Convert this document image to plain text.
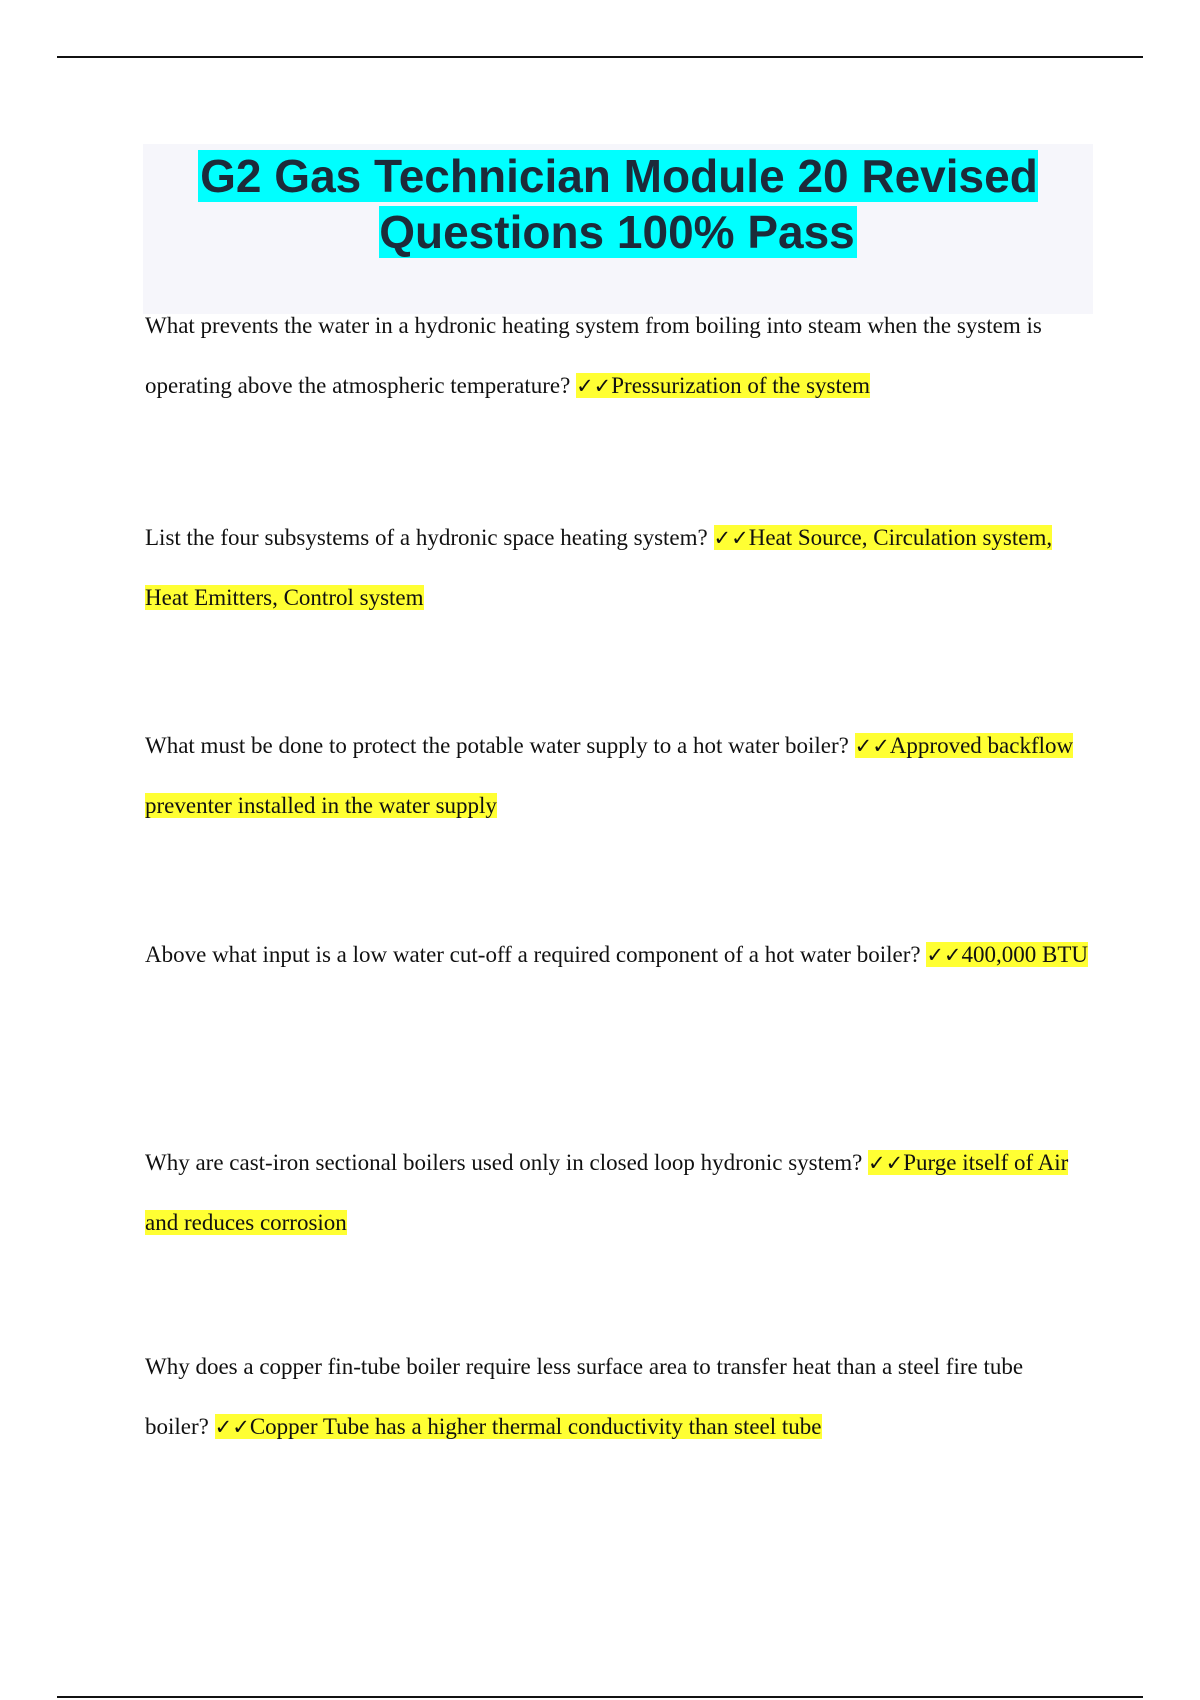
G2 Gas Technician Module 20 Revised Questions 100% Pass

What prevents the water in a hydronic heating system from boiling into steam when the system is operating above the atmospheric temperature? ✓✓Pressurization of the system

List the four subsystems of a hydronic space heating system? ✓✓Heat Source, Circulation system, Heat Emitters, Control system

What must be done to protect the potable water supply to a hot water boiler? ✓✓Approved backflow preventer installed in the water supply

Above what input is a low water cut-off a required component of a hot water boiler? ✓✓400,000 BTU

Why are cast-iron sectional boilers used only in closed loop hydronic system? ✓✓Purge itself of Air and reduces corrosion

Why does a copper fin-tube boiler require less surface area to transfer heat than a steel fire tube boiler? ✓✓Copper Tube has a higher thermal conductivity than steel tube
